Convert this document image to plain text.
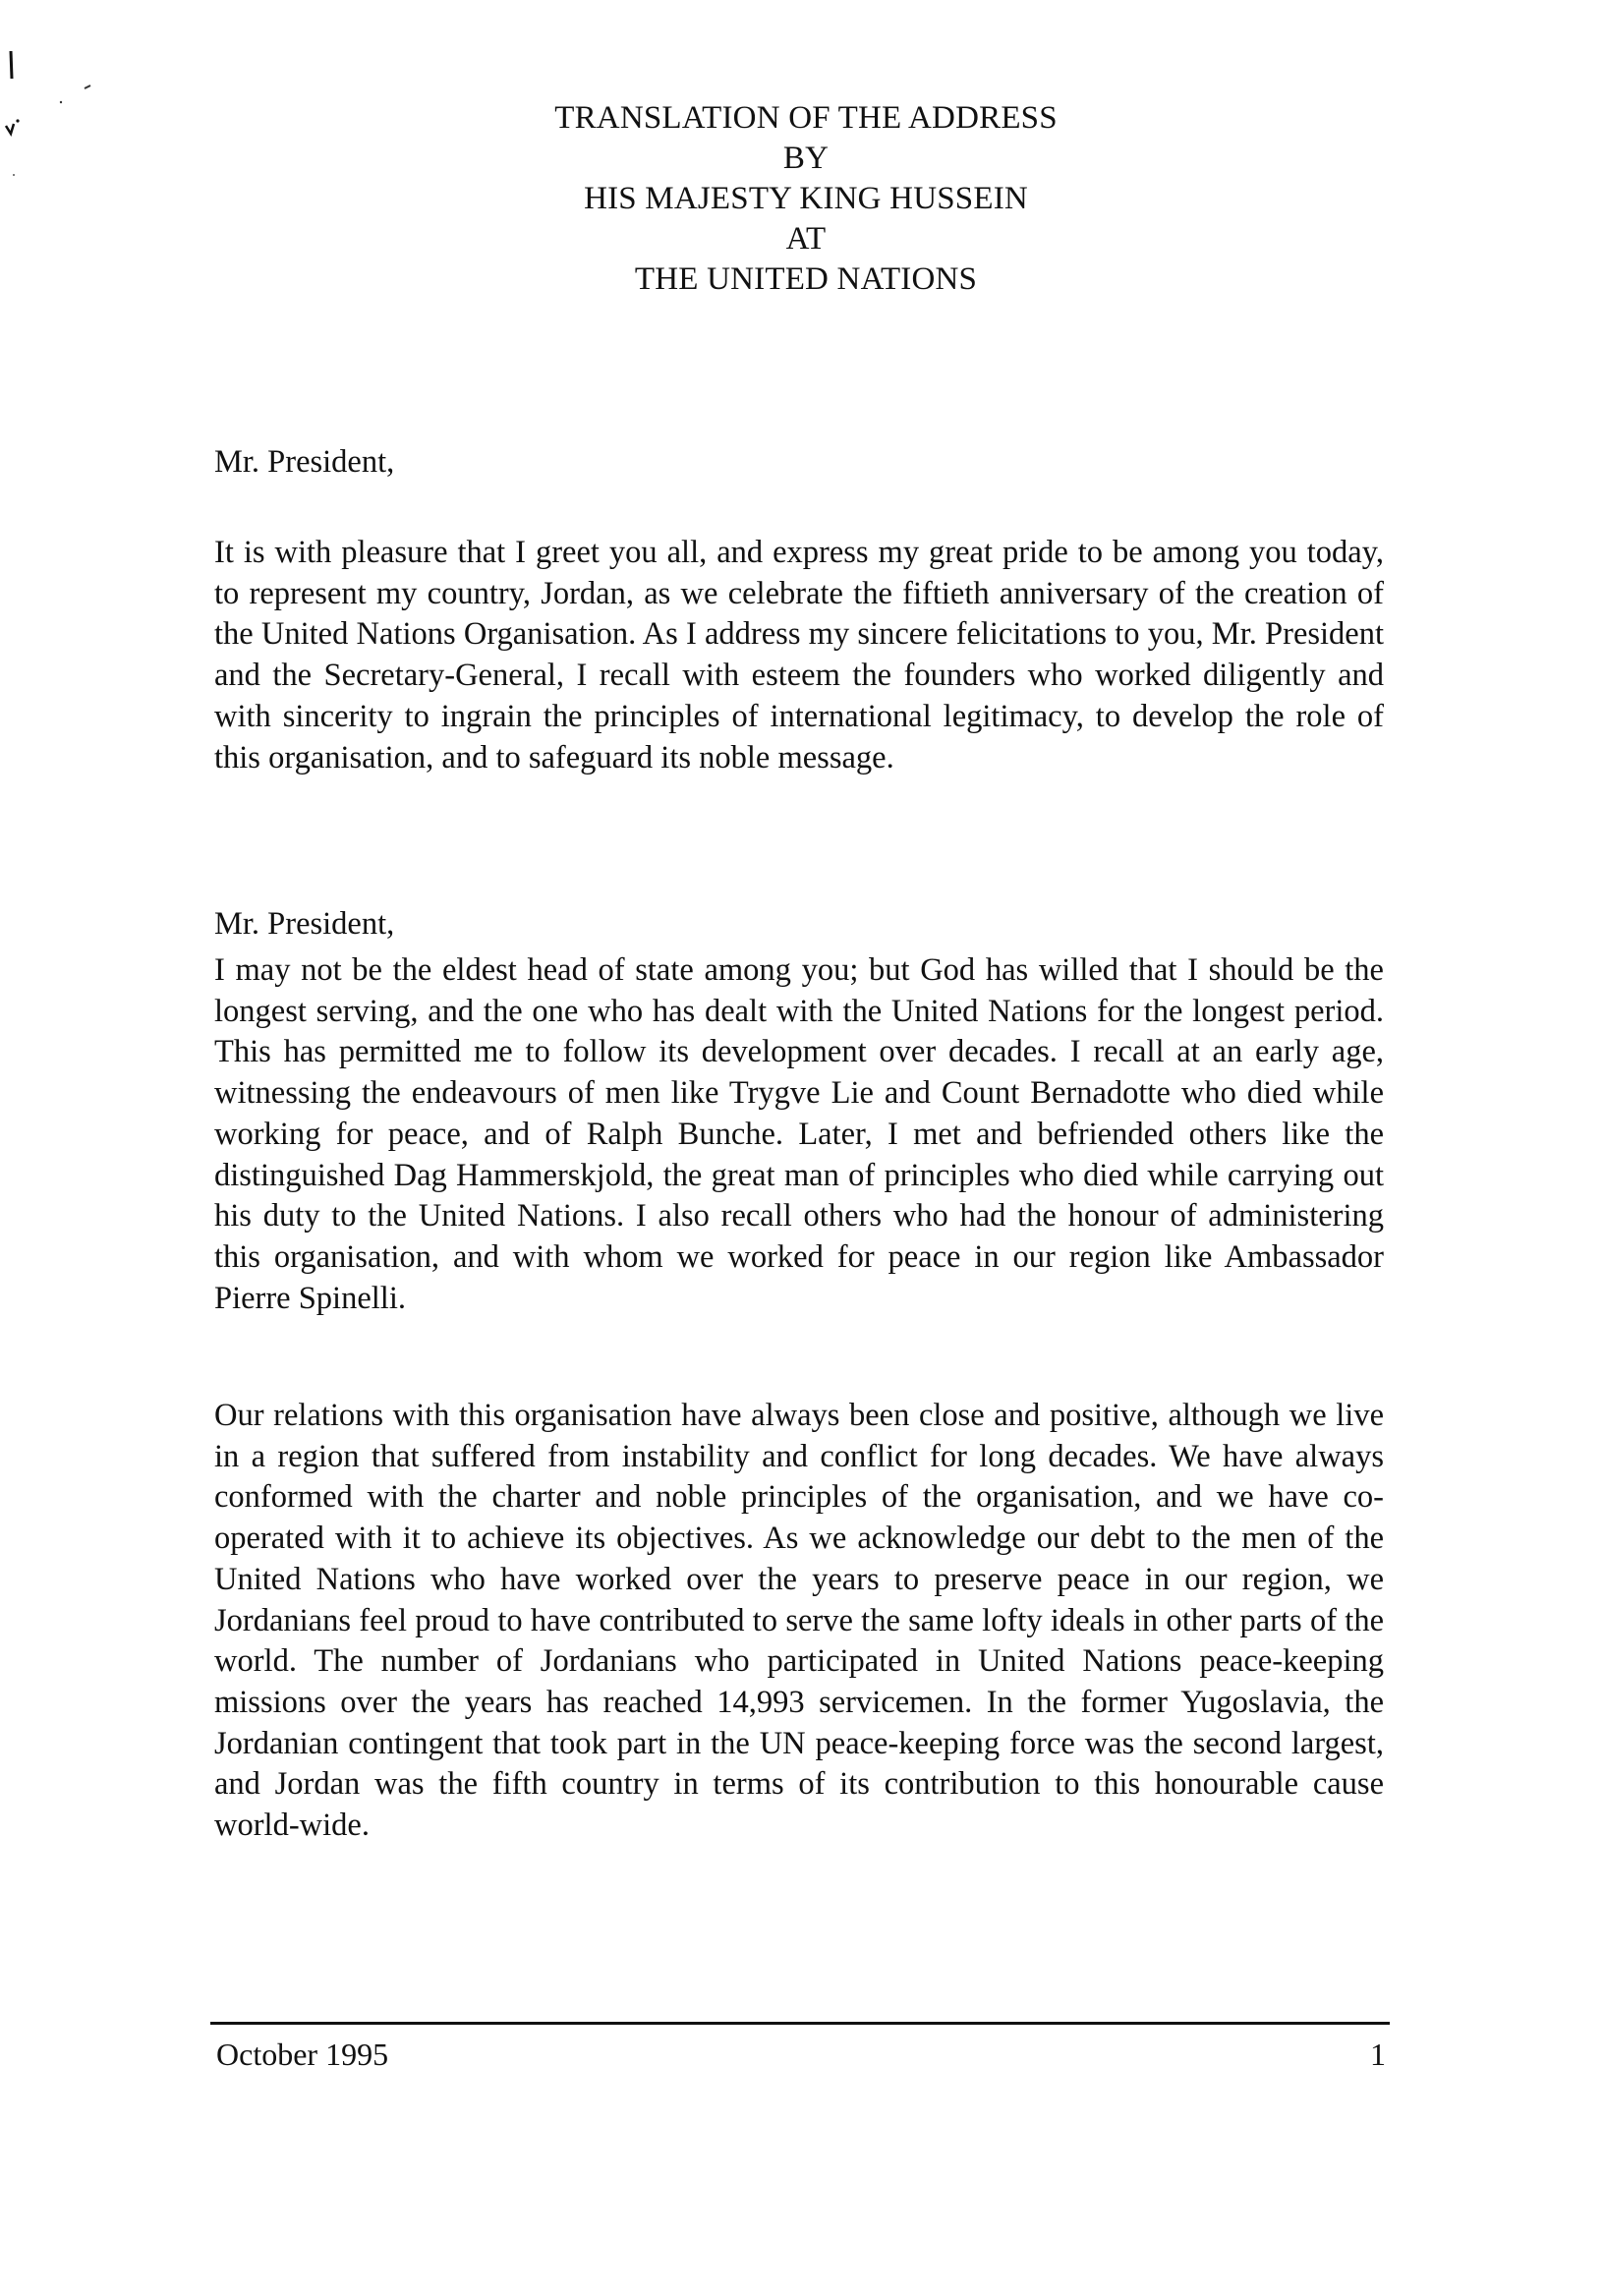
TRANSLATION OF THE ADDRESS
BY
HIS MAJESTY KING HUSSEIN
AT
THE UNITED NATIONS
Mr. President,
It is with pleasure that I greet you all, and express my great pride to be among you today, to represent my country, Jordan, as we celebrate the fiftieth anniversary of the creation of the United Nations Organisation. As I address my sincere felicitations to you, Mr. President and the Secretary-General, I recall with esteem the founders who worked diligently and with sincerity to ingrain the principles of international legitimacy, to develop the role of this organisation, and to safeguard its noble message.
Mr. President,
I may not be the eldest head of state among you; but God has willed that I should be the longest serving, and the one who has dealt with the United Nations for the longest period. This has permitted me to follow its development over decades. I recall at an early age, witnessing the endeavours of men like Trygve Lie and Count Bernadotte who died while working for peace, and of Ralph Bunche. Later, I met and befriended others like the distinguished Dag Hammerskjold, the great man of principles who died while carrying out his duty to the United Nations. I also recall others who had the honour of administering this organisation, and with whom we worked for peace in our region like Ambassador Pierre Spinelli.
Our relations with this organisation have always been close and positive, although we live in a region that suffered from instability and conflict for long decades. We have always conformed with the charter and noble principles of the organisation, and we have co-operated with it to achieve its objectives. As we acknowledge our debt to the men of the United Nations who have worked over the years to preserve peace in our region, we Jordanians feel proud to have contributed to serve the same lofty ideals in other parts of the world. The number of Jordanians who participated in United Nations peace-keeping missions over the years has reached 14,993 servicemen. In the former Yugoslavia, the Jordanian contingent that took part in the UN peace-keeping force was the second largest, and Jordan was the fifth country in terms of its contribution to this honourable cause world-wide.
October 1995	1
